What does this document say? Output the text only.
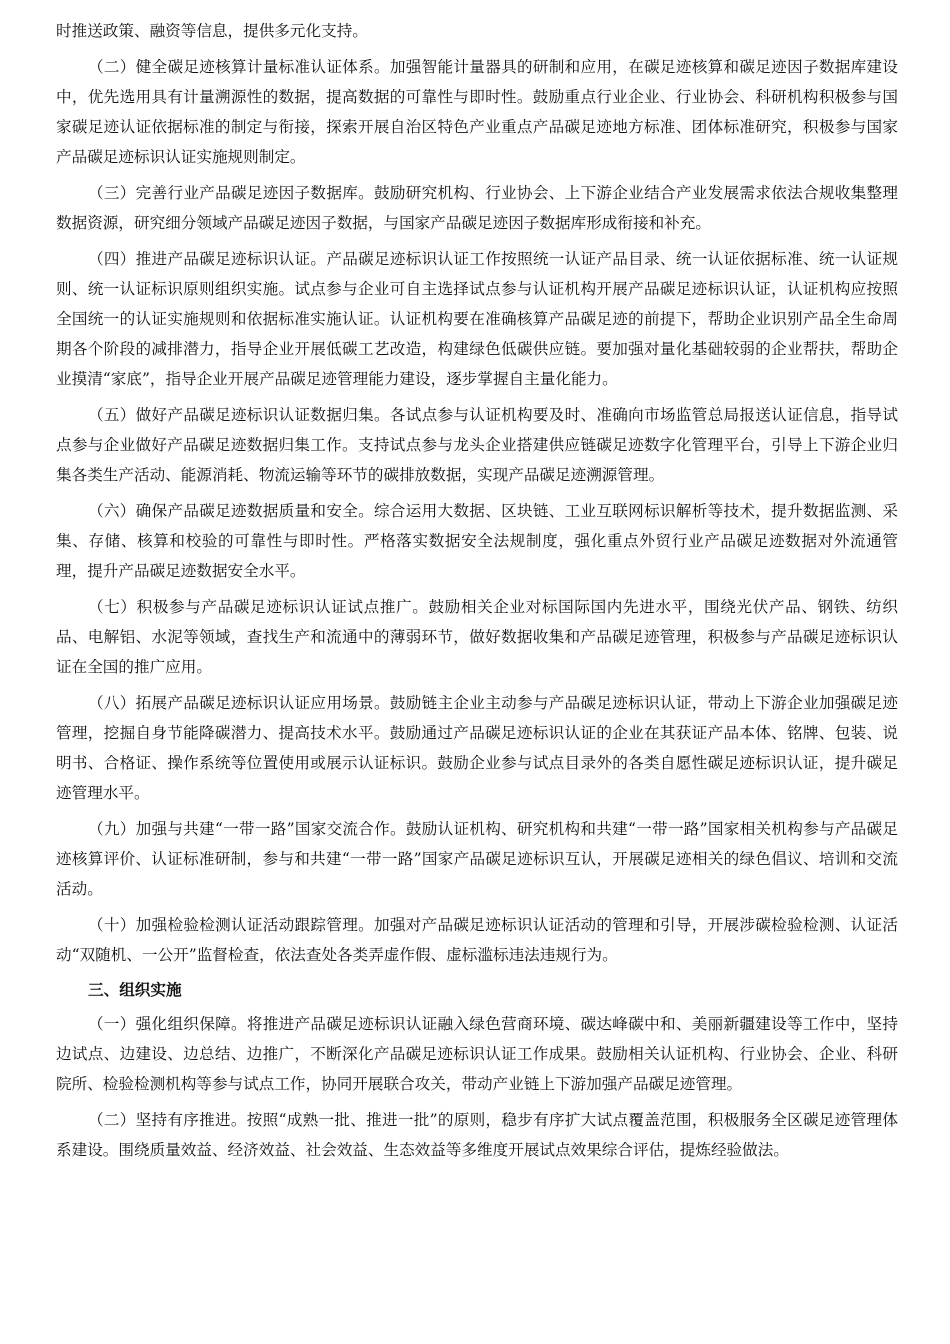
时推送政策、融资等信息，提供多元化支持。

（二）健全碳足迹核算计量标准认证体系。加强智能计量器具的研制和应用，在碳足迹核算和碳足迹因子数据库建设中，优先选用具有计量溯源性的数据，提高数据的可靠性与即时性。鼓励重点行业企业、行业协会、科研机构积极参与国家碳足迹认证依据标准的制定与衔接，探索开展自治区特色产业重点产品碳足迹地方标准、团体标准研究，积极参与国家产品碳足迹标识认证实施规则制定。

（三）完善行业产品碳足迹因子数据库。鼓励研究机构、行业协会、上下游企业结合产业发展需求依法合规收集整理数据资源，研究细分领域产品碳足迹因子数据，与国家产品碳足迹因子数据库形成衔接和补充。

（四）推进产品碳足迹标识认证。产品碳足迹标识认证工作按照统一认证产品目录、统一认证依据标准、统一认证规则、统一认证标识原则组织实施。试点参与企业可自主选择试点参与认证机构开展产品碳足迹标识认证，认证机构应按照全国统一的认证实施规则和依据标准实施认证。认证机构要在准确核算产品碳足迹的前提下，帮助企业识别产品全生命周期各个阶段的减排潜力，指导企业开展低碳工艺改造，构建绿色低碳供应链。要加强对量化基础较弱的企业帮扶，帮助企业摸清“家底”，指导企业开展产品碳足迹管理能力建设，逐步掌握自主量化能力。

（五）做好产品碳足迹标识认证数据归集。各试点参与认证机构要及时、准确向市场监管总局报送认证信息，指导试点参与企业做好产品碳足迹数据归集工作。支持试点参与龙头企业搭建供应链碳足迹数字化管理平台，引导上下游企业归集各类生产活动、能源消耗、物流运输等环节的碳排放数据，实现产品碳足迹溯源管理。

（六）确保产品碳足迹数据质量和安全。综合运用大数据、区块链、工业互联网标识解析等技术，提升数据监测、采集、存储、核算和校验的可靠性与即时性。严格落实数据安全法规制度，强化重点外贸行业产品碳足迹数据对外流通管理，提升产品碳足迹数据安全水平。

（七）积极参与产品碳足迹标识认证试点推广。鼓励相关企业对标国际国内先进水平，围绕光伏产品、钢铁、纺织品、电解铝、水泥等领域，查找生产和流通中的薄弱环节，做好数据收集和产品碳足迹管理，积极参与产品碳足迹标识认证在全国的推广应用。

（八）拓展产品碳足迹标识认证应用场景。鼓励链主企业主动参与产品碳足迹标识认证，带动上下游企业加强碳足迹管理，挖掘自身节能降碳潜力、提高技术水平。鼓励通过产品碳足迹标识认证的企业在其获证产品本体、铭牌、包装、说明书、合格证、操作系统等位置使用或展示认证标识。鼓励企业参与试点目录外的各类自愿性碳足迹标识认证，提升碳足迹管理水平。

（九）加强与共建“一带一路”国家交流合作。鼓励认证机构、研究机构和共建“一带一路”国家相关机构参与产品碳足迹核算评价、认证标准研制，参与和共建“一带一路”国家产品碳足迹标识互认，开展碳足迹相关的绿色倡议、培训和交流活动。

（十）加强检验检测认证活动跟踪管理。加强对产品碳足迹标识认证活动的管理和引导，开展涉碳检验检测、认证活动“双随机、一公开”监督检查，依法查处各类弄虚作假、虚标滥标违法违规行为。

三、组织实施

（一）强化组织保障。将推进产品碳足迹标识认证融入绿色营商环境、碳达峰碳中和、美丽新疆建设等工作中，坚持边试点、边建设、边总结、边推广，不断深化产品碳足迹标识认证工作成果。鼓励相关认证机构、行业协会、企业、科研院所、检验检测机构等参与试点工作，协同开展联合攻关，带动产业链上下游加强产品碳足迹管理。

（二）坚持有序推进。按照“成熟一批、推进一批”的原则，稳步有序扩大试点覆盖范围，积极服务全区碳足迹管理体系建设。围绕质量效益、经济效益、社会效益、生态效益等多维度开展试点效果综合评估，提炼经验做法。
